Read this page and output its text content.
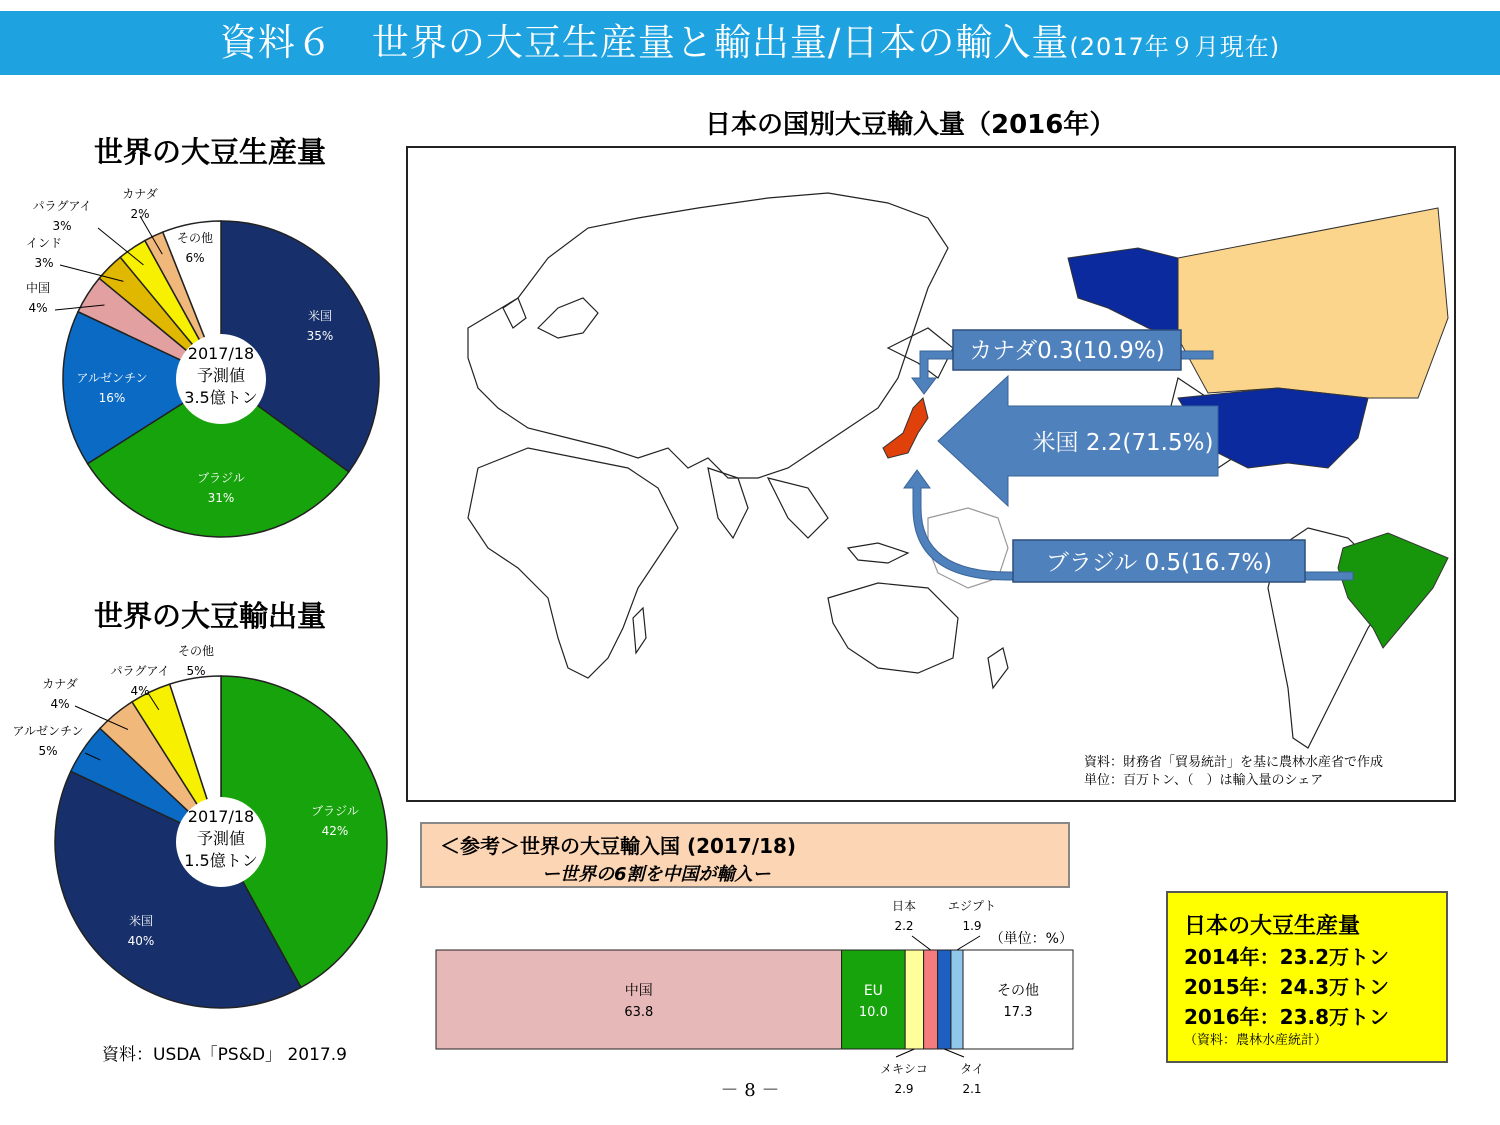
資料６　世界の大豆生産量と輸出量/日本の輸入量(2017年９月現在)
世界の大豆生産量
世界の大豆輸出量
2017/18
予測値
3.5億トン
米国
35%
ブラジル
31%
アルゼンチン
16%
中国
4%
インド
3%
パラグアイ
3%
カナダ
2%
その他
6%
2017/18
予測値
1.5億トン
ブラジル
42%
米国
40%
アルゼンチン
5%
カナダ
4%
パラグアイ
4%
その他
5%
資料：USDA「PS&D」 2017.9
日本の国別大豆輸入量（2016年）
カナダ0.3(10.9%)
米国 2.2(71.5%)
ブラジル 0.5(16.7%)
資料：財務省「貿易統計」を基に農林水産省で作成
単位：百万トン、（　）は輸入量のシェア
＜参考＞世界の大豆輸入国 (2017/18)
ー世界の6割を中国が輸入ー
（単位：%）
中国
63.8
EU
10.0
メキシコ
2.9
日本
2.2
タイ
2.1
エジプト
1.9
その他
17.3
日本の大豆生産量
2014年：23.2万トン
2015年：24.3万トン
2016年：23.8万トン
（資料：農林水産統計）
－ 8 －
